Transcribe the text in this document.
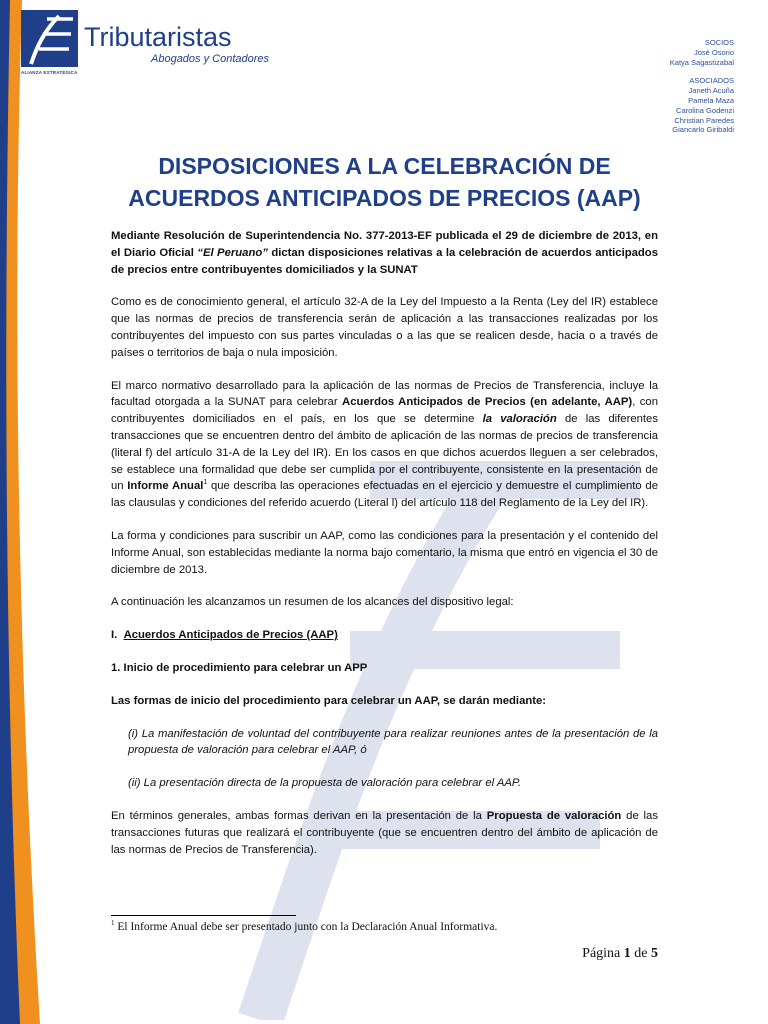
ALIANZA ESTRATÉGICA
Tributaristas
Abogados y Contadores
SOCIOS
José Osorio
Katya Sagastizabal
ASOCIADOS
Janeth Acuña
Pamela Maza
Carolina Godenzi
Christian Paredes
Giancarlo Giribaldi
DISPOSICIONES A LA CELEBRACIÓN DE
ACUERDOS ANTICIPADOS DE PRECIOS (AAP)

Mediante Resolución de Superintendencia No. 377-2013-EF publicada el 29 de diciembre de 2013, en el Diario Oficial “El Peruano” dictan disposiciones relativas a la celebración de acuerdos anticipados de precios entre contribuyentes domiciliados y la SUNAT

Como es de conocimiento general, el artículo 32-A de la Ley del Impuesto a la Renta (Ley del IR) establece que las normas de precios de transferencia serán de aplicación a las transacciones realizadas por los contribuyentes del impuesto con sus partes vinculadas o a las que se realicen desde, hacia o a través de países o territorios de baja o nula imposición.

El marco normativo desarrollado para la aplicación de las normas de Precios de Transferencia, incluye la facultad otorgada a la SUNAT para celebrar Acuerdos Anticipados de Precios (en adelante, AAP), con contribuyentes domiciliados en el país, en los que se determine la valoración de las diferentes transacciones que se encuentren dentro del ámbito de aplicación de las normas de precios de transferencia (literal f) del artículo 31-A de la Ley del IR). En los casos en que dichos acuerdos lleguen a ser celebrados, se establece una formalidad que debe ser cumplida por el contribuyente, consistente en la presentación de un Informe Anual$^1$ que describa las operaciones efectuadas en el ejercicio y demuestre el cumplimiento de las clausulas y condiciones del referido acuerdo (Literal l) del artículo 118 del Reglamento de la Ley del IR).

La forma y condiciones para suscribir un AAP, como las condiciones para la presentación y el contenido del Informe Anual, son establecidas mediante la norma bajo comentario, la misma que entró en vigencia el 30 de diciembre de 2013.

A continuación les alcanzamos un resumen de los alcances del dispositivo legal:

I. Acuerdos Anticipados de Precios (AAP)

1. Inicio de procedimiento para celebrar un APP

Las formas de inicio del procedimiento para celebrar un AAP, se darán mediante:

(i) La manifestación de voluntad del contribuyente para realizar reuniones antes de la presentación de la propuesta de valoración para celebrar el AAP, ó

(ii) La presentación directa de la propuesta de valoración para celebrar el AAP.

En términos generales, ambas formas derivan en la presentación de la Propuesta de valoración de las transacciones futuras que realizará el contribuyente (que se encuentren dentro del ámbito de aplicación de las normas de Precios de Transferencia).

$^1$ El Informe Anual debe ser presentado junto con la Declaración Anual Informativa.
Página 1 de 5
